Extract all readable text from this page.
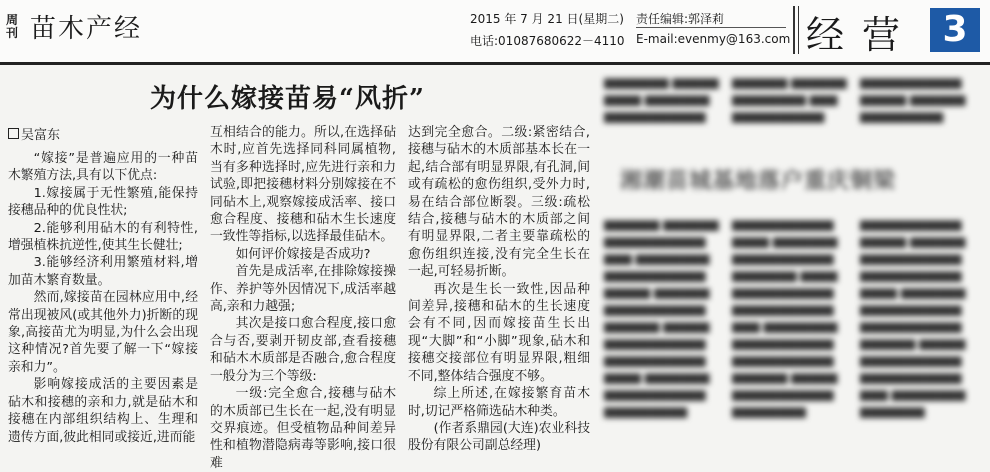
周刊 苗木产经	2015 年 7 月 21 日(星期二)
电话:01087680622－4110
责任编辑:郭泽莉
E-mail:evenmy@163.com 经营 3
为什么嫁接苗易“风折”
吴富东

“嫁接”是普遍应用的一种苗木繁殖方法,具有以下优点:

1.嫁接属于无性繁殖,能保持接穗品种的优良性状;

2.能够利用砧木的有利特性,增强植株抗逆性,使其生长健壮;

3.能够经济利用繁殖材料,增加苗木繁育数量。

然而,嫁接苗在园林应用中,经常出现被风(或其他外力)折断的现象,高接苗尤为明显,为什么会出现这种情况?首先要了解一下“嫁接亲和力”。

影响嫁接成活的主要因素是砧木和接穗的亲和力,就是砧木和接穗在内部组织结构上、生理和遗传方面,彼此相同或接近,进而能

互相结合的能力。所以,在选择砧木时,应首先选择同科同属植物,当有多种选择时,应先进行亲和力试验,即把接穗材料分别嫁接在不同砧木上,观察嫁接成活率、接口愈合程度、接穗和砧木生长速度一致性等指标,以选择最佳砧木。

如何评价嫁接是否成功?

首先是成活率,在排除嫁接操作、养护等外因情况下,成活率越高,亲和力越强;

其次是接口愈合程度,接口愈合与否,要剥开韧皮部,查看接穗和砧木木质部是否融合,愈合程度一般分为三个等级:

一级:完全愈合,接穗与砧木的木质部已生长在一起,没有明显交界痕迹。但受植物品种间差异性和植物潜隐病毒等影响,接口很难

达到完全愈合。二级:紧密结合,接穗与砧木的木质部基本长在一起,结合部有明显界限,有孔洞,间或有疏松的愈伤组织,受外力时,易在结合部位断裂。三级:疏松结合,接穗与砧木的木质部之间有明显界限,二者主要靠疏松的愈伤组织连接,没有完全生长在一起,可轻易折断。

再次是生长一致性,因品种间差异,接穗和砧木的生长速度会有不同,因而嫁接苗生长出现“大脚”和“小脚”现象,砧木和接穗交接部位有明显界限,粗细不同,整体结合强度不够。

综上所述,在嫁接繁育苗木时,切记严格筛选砧木种类。

(作者系鼎园(大连)农业科技股份有限公司副总经理)

▆▆▆▆▆▆▆ ▆▆▆▆▆
▆▆▆▆ ▆▆▆▆▆▆▆
▆▆▆▆▆▆▆▆▆▆▆
▆▆▆▆▆▆ ▆▆▆▆▆▆
▆▆▆▆▆▆▆▆ ▆▆▆
▆▆▆▆▆▆▆▆▆▆
▆▆▆▆▆▆▆▆▆▆▆
▆▆▆▆▆ ▆▆▆▆▆▆
▆▆▆▆▆▆▆▆▆
湘潮苗城基地落户重庆铜梁
▆▆▆▆▆▆ ▆▆▆▆▆▆
▆▆▆▆▆▆▆▆▆▆▆
▆▆▆ ▆▆▆▆▆▆▆▆
▆▆▆▆▆▆▆▆▆▆▆
▆▆▆▆▆ ▆▆▆▆▆▆
▆▆▆▆▆▆▆▆▆▆▆
▆▆▆▆▆▆ ▆▆▆▆▆
▆▆▆▆▆▆▆▆▆▆▆
▆▆▆▆▆▆▆▆▆▆▆
▆▆▆▆ ▆▆▆▆▆▆▆
▆▆▆▆▆▆▆▆▆▆▆
▆▆▆▆▆▆▆▆▆
▆▆▆▆▆▆▆▆▆▆▆
▆▆▆▆ ▆▆▆▆▆▆▆
▆▆▆▆▆▆▆▆▆▆▆
▆▆▆▆▆▆▆ ▆▆▆▆
▆▆▆▆▆▆▆▆▆▆▆
▆▆▆▆▆▆▆▆▆▆▆
▆▆▆ ▆▆▆▆▆▆▆▆
▆▆▆▆▆▆▆▆▆▆▆
▆▆▆▆▆▆▆▆▆▆▆
▆▆▆▆▆▆ ▆▆▆▆▆
▆▆▆▆▆▆▆▆▆▆▆
▆▆▆▆▆▆▆▆
▆▆▆▆▆▆▆▆▆▆▆
▆▆▆▆▆ ▆▆▆▆▆▆
▆▆▆▆▆▆▆▆▆▆▆
▆▆▆▆▆▆▆▆▆▆▆
▆▆▆▆ ▆▆▆▆▆▆▆
▆▆▆▆▆▆▆▆▆▆▆
▆▆▆▆▆▆▆▆▆▆▆
▆▆▆▆▆▆ ▆▆▆▆▆
▆▆▆▆▆▆▆▆▆▆▆
▆▆▆▆▆▆▆▆▆▆▆
▆▆▆ ▆▆▆▆▆▆▆▆
▆▆▆▆▆▆▆
